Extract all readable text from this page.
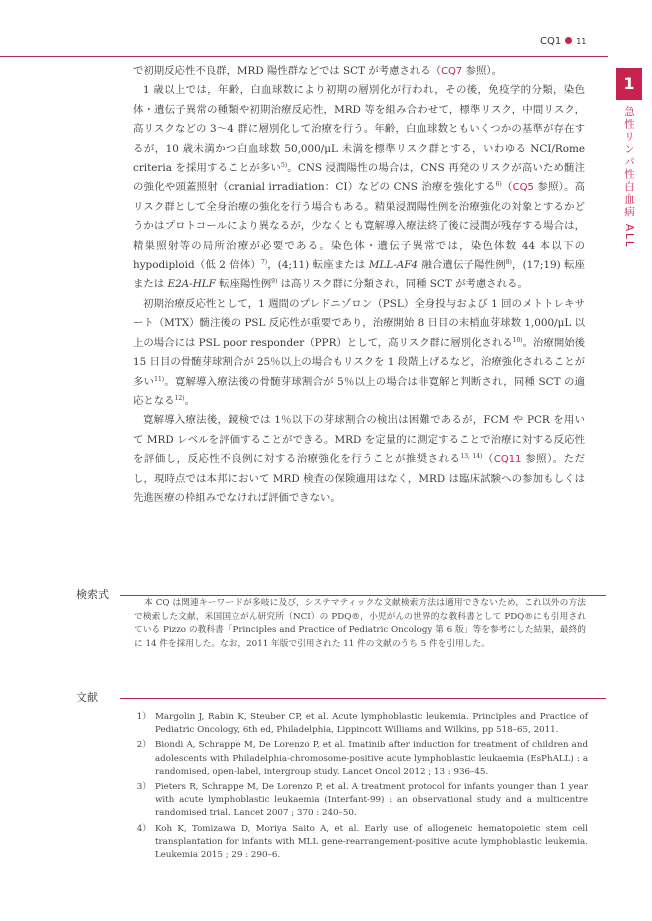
CQ1 11
1
急性リンパ性白血病 ALL

で初期反応性不良群，MRD 陽性群などでは SCT が考慮される（CQ7 参照）。

1 歳以上では，年齢，白血球数により初期の層別化が行われ，その後，免疫学的分類，染色体・遺伝子異常の種類や初期治療反応性，MRD 等を組み合わせて，標準リスク，中間リスク，高リスクなどの 3～4 群に層別化して治療を行う。年齢，白血球数ともいくつかの基準が存在するが，10 歳未満かつ白血球数 50,000/μL 未満を標準リスク群とする，いわゆる NCI/Rome criteria を採用することが多い$^{5)}$。CNS 浸潤陽性の場合は，CNS 再発のリスクが高いため髄注の強化や頭蓋照射（cranial irradiation：CI）などの CNS 治療を強化する$^{6)}$（CQ5 参照）。高リスク群として全身治療の強化を行う場合もある。精巣浸潤陽性例を治療強化の対象とするかどうかはプロトコールにより異なるが，少なくとも寛解導入療法終了後に浸潤が残存する場合は，精巣照射等の局所治療が必要である。染色体・遺伝子異常では，染色体数 44 本以下の hypodiploid（低 2 倍体）$^{7)}$，(4;11) 転座または MLL-AF4 融合遺伝子陽性例$^{8)}$，(17;19) 転座または E2A-HLF 転座陽性例$^{9)}$ は高リスク群に分類され，同種 SCT が考慮される。

初期治療反応性として，1 週間のプレドニゾロン（PSL）全身投与および 1 回のメトトレキサート（MTX）髄注後の PSL 反応性が重要であり，治療開始 8 日目の末梢血芽球数 1,000/μL 以上の場合には PSL poor responder（PPR）として，高リスク群に層別化される$^{10)}$。治療開始後 15 日目の骨髄芽球割合が 25％以上の場合もリスクを 1 段階上げるなど，治療強化されることが多い$^{11)}$。寛解導入療法後の骨髄芽球割合が 5％以上の場合は非寛解と判断され，同種 SCT の適応となる$^{12)}$。

寛解導入療法後，鏡検では 1％以下の芽球割合の検出は困難であるが，FCM や PCR を用いて MRD レベルを評価することができる。MRD を定量的に測定することで治療に対する反応性を評価し，反応性不良例に対する治療強化を行うことが推奨される$^{13, 14)}$（CQ11 参照）。ただし，現時点では本邦において MRD 検査の保険適用はなく，MRD は臨床試験への参加もしくは先進医療の枠組みでなければ評価できない。

検索式

本 CQ は関連キーワードが多岐に及び，システマティックな文献検索方法は適用できないため，これ以外の方法で検索した文献，米国国立がん研究所（NCI）の PDQ®，小児がんの世界的な教科書として PDQ®にも引用されている Pizzo の教科書「Principles and Practice of Pediatric Oncology 第 6 版」等を参考にした結果，最終的に 14 件を採用した。なお，2011 年版で引用された 11 件の文献のうち 5 件を引用した。

文献
1） Margolin J, Rabin K, Steuber CP, et al. Acute lymphoblastic leukemia. Principles and Practice of Pediatric Oncology, 6th ed, Philadelphia, Lippincott Williams and Wilkins, pp 518–65, 2011.
2） Biondi A, Schrappe M, De Lorenzo P, et al. Imatinib after induction for treatment of children and adolescents with Philadelphia-chromosome-positive acute lymphoblastic leukaemia (EsPhALL) : a randomised, open-label, intergroup study. Lancet Oncol 2012 ; 13 : 936–45.
3） Pieters R, Schrappe M, De Lorenzo P, et al. A treatment protocol for infants younger than 1 year with acute lymphoblastic leukaemia (Interfant-99) : an observational study and a multicentre randomised trial. Lancet 2007 ; 370 : 240–50.
4） Koh K, Tomizawa D, Moriya Saito A, et al. Early use of allogeneic hematopoietic stem cell transplantation for infants with MLL gene-rearrangement-positive acute lymphoblastic leukemia. Leukemia 2015 ; 29 : 290–6.
